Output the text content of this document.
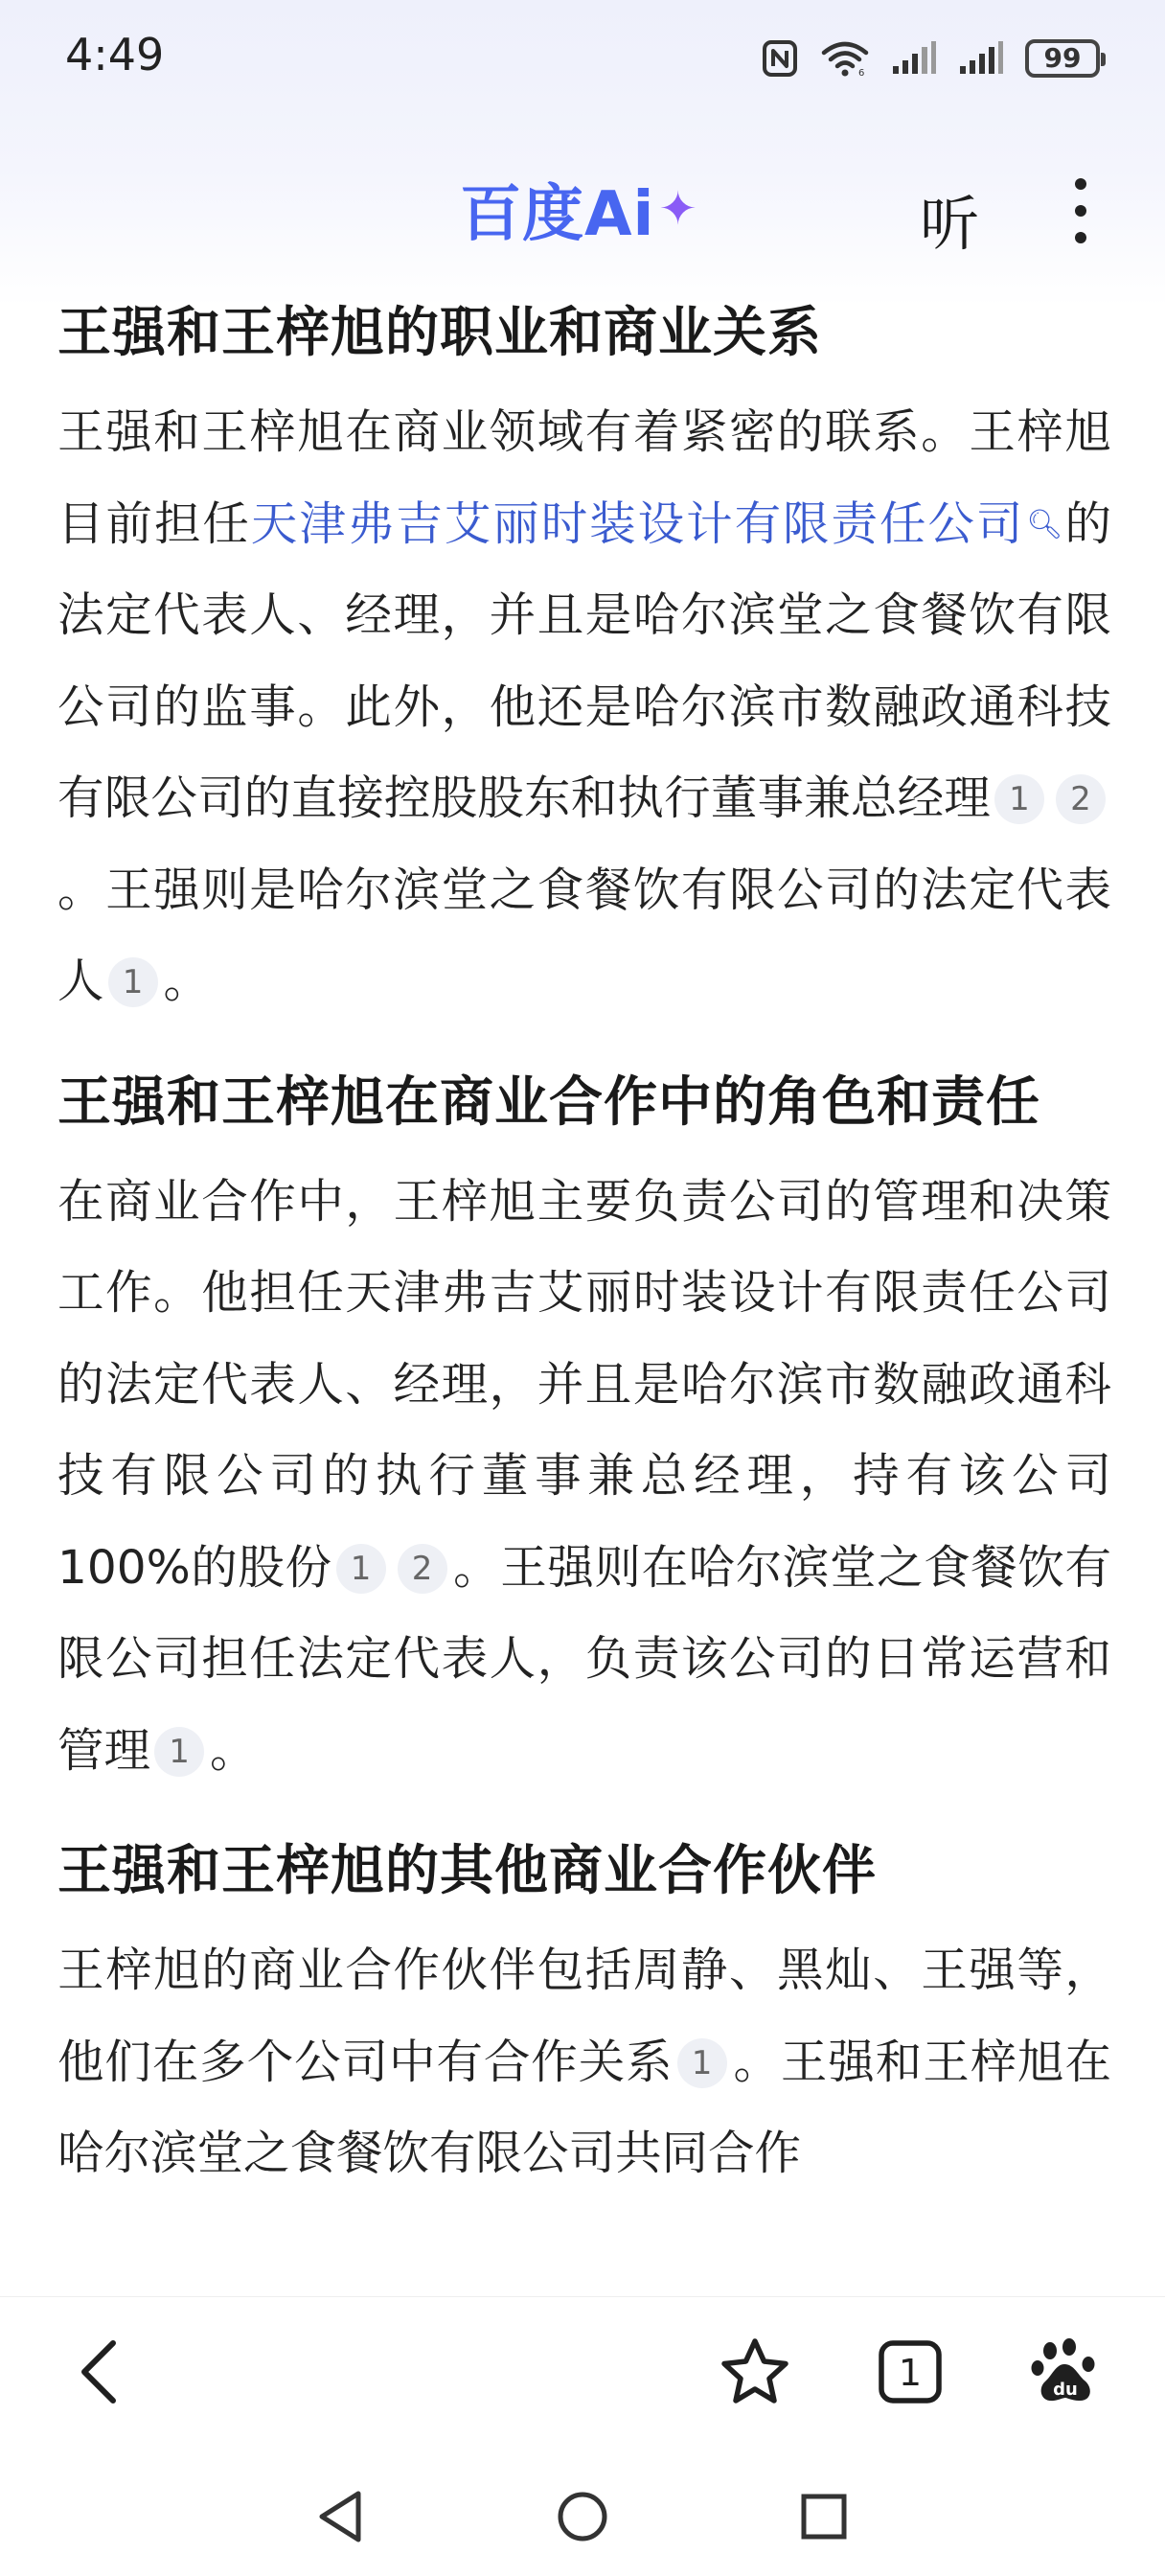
4:49	6	99
百度Ai ✦	听
王强和王梓旭的职业和商业关系

王强和王梓旭在商业领域有着紧密的联系。王梓旭目前担任天津弗吉艾丽时装设计有限责任公司🔍︎的法定代表人、经理，并且是哈尔滨堂之食餐饮有限公司的监事。此外，他还是哈尔滨市数融政通科技有限公司的直接控股股东和执行董事兼总经理 1 2。王强则是哈尔滨堂之食餐饮有限公司的法定代表人 1 。

王强和王梓旭在商业合作中的角色和责任

在商业合作中，王梓旭主要负责公司的管理和决策工作。他担任天津弗吉艾丽时装设计有限责任公司的法定代表人、经理，并且是哈尔滨市数融政通科技有限公司的执行董事兼总经理，持有该公司100%的股份 1 2 。王强则在哈尔滨堂之食餐饮有限公司担任法定代表人，负责该公司的日常运营和管理 1 。

王强和王梓旭的其他商业合作伙伴

王梓旭的商业合作伙伴包括周静、黑灿、王强等，他们在多个公司中有合作关系 1 。王强和王梓旭在哈尔滨堂之食餐饮有限公司共同合作

1	du
